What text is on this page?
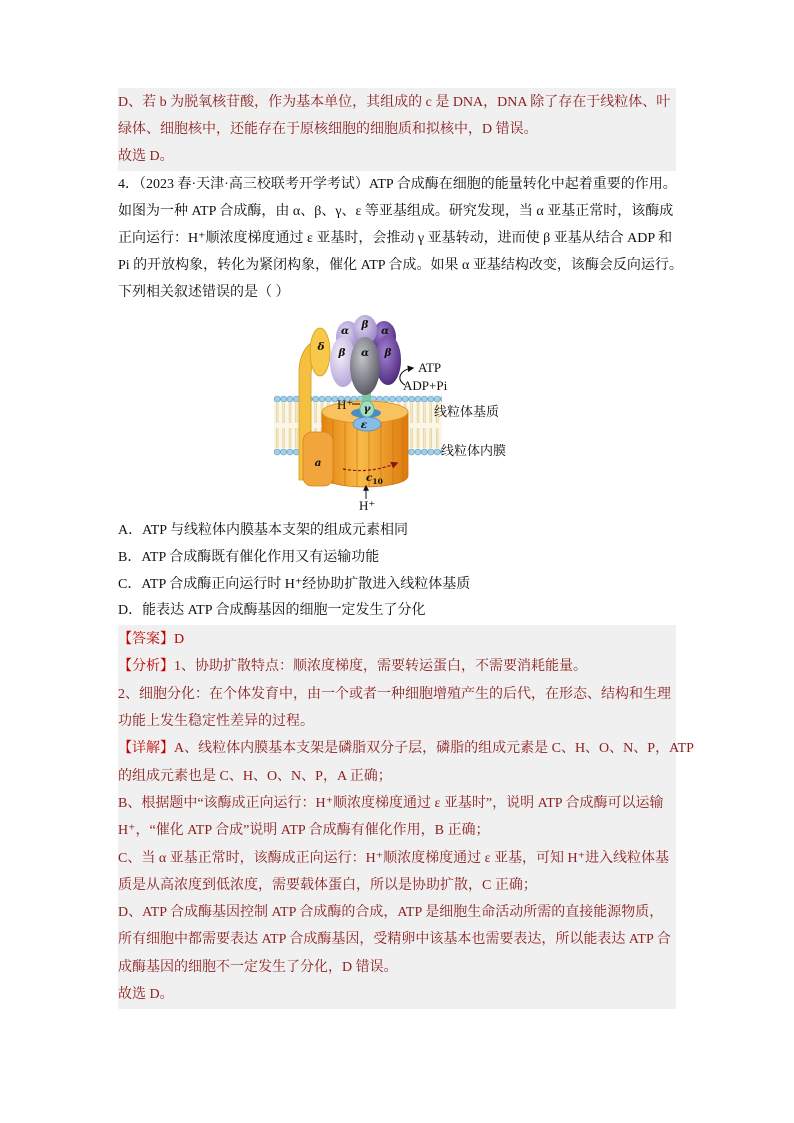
D、若 b 为脱氧核苷酸，作为基本单位，其组成的 c 是 DNA，DNA 除了存在于线粒体、叶
绿体、细胞核中，还能存在于原核细胞的细胞质和拟核中，D 错误。
故选 D。
4．（2023 春·天津·高三校联考开学考试）ATP 合成酶在细胞的能量转化中起着重要的作用。
如图为一种 ATP 合成酶，由 α、β、γ、ε 等亚基组成。研究发现，当 α 亚基正常时，该酶成
正向运行：H⁺顺浓度梯度通过 ε 亚基时，会推动 γ 亚基转动，进而使 β 亚基从结合 ADP 和
Pi 的开放构象，转化为紧闭构象，催化 ATP 合成。如果 α 亚基结构改变，该酶会反向运行。
下列相关叙述错误的是（ ）
α β α
δ β α β
ATP
ADP+Pi
H⁺ γ
ε
a
$c_{10}$
H⁺
线粒体基质
线粒体内膜
A．ATP 与线粒体内膜基本支架的组成元素相同
B．ATP 合成酶既有催化作用又有运输功能
C．ATP 合成酶正向运行时 H⁺经协助扩散进入线粒体基质
D．能表达 ATP 合成酶基因的细胞一定发生了分化
【答案】D
【分析】1、协助扩散特点：顺浓度梯度，需要转运蛋白，不需要消耗能量。
2、细胞分化：在个体发育中，由一个或者一种细胞增殖产生的后代，在形态、结构和生理
功能上发生稳定性差异的过程。
【详解】A、线粒体内膜基本支架是磷脂双分子层，磷脂的组成元素是 C、H、O、N、P，ATP
的组成元素也是 C、H、O、N、P，A 正确；
B、根据题中“该酶成正向运行：H⁺顺浓度梯度通过 ε 亚基时”，说明 ATP 合成酶可以运输
H⁺，“催化 ATP 合成”说明 ATP 合成酶有催化作用，B 正确；
C、当 α 亚基正常时，该酶成正向运行：H⁺顺浓度梯度通过 ε 亚基，可知 H⁺进入线粒体基
质是从高浓度到低浓度，需要载体蛋白，所以是协助扩散，C 正确；
D、ATP 合成酶基因控制 ATP 合成酶的合成，ATP 是细胞生命活动所需的直接能源物质，
所有细胞中都需要表达 ATP 合成酶基因，受精卵中该基本也需要表达，所以能表达 ATP 合
成酶基因的细胞不一定发生了分化，D 错误。
故选 D。
